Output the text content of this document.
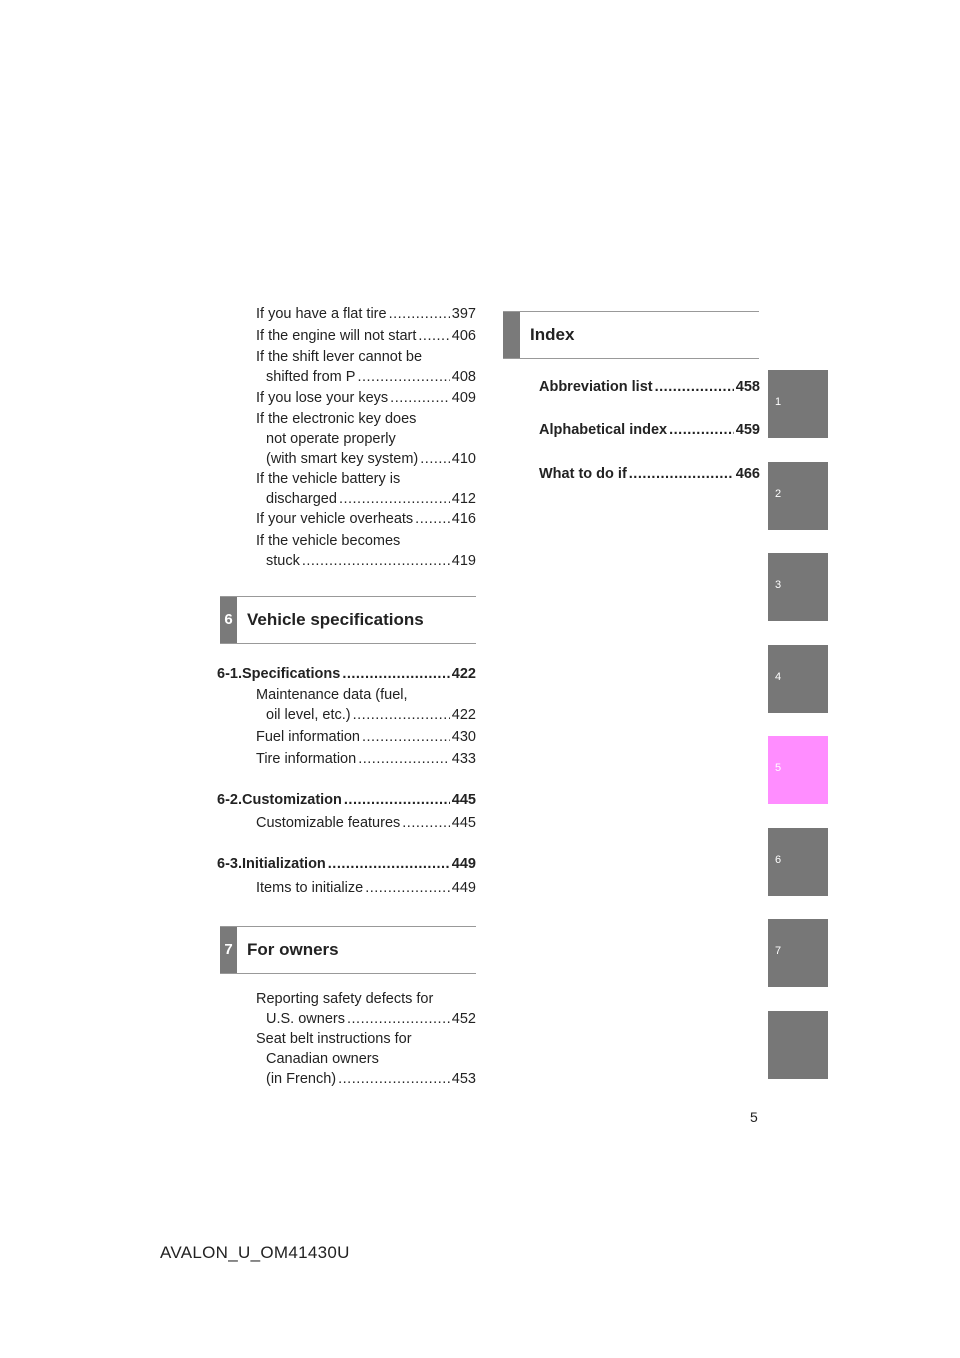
If you have a flat tire .....	397
If the engine will not start ..... 406
If the shift lever cannot be
shifted from P .....	408
If you lose your keys .....	409
If the electronic key does
not operate properly
(with smart key system) ..... 410
If the vehicle battery is
discharged .....	412
If your vehicle overheats .....	416
If the vehicle becomes
stuck .....	419
6 Vehicle specifications
6-1. Specifications .....	422
Maintenance data (fuel,
oil level, etc.) .....	422
Fuel information .....	430
Tire information .....	433
6-2. Customization .....	445
Customizable features .....	445
6-3. Initialization .....	449
Items to initialize .....	449
7 For owners
Reporting safety defects for
U.S. owners .....	452
Seat belt instructions for
Canadian owners
(in French) .....	453
Index
Abbreviation list .....	458
Alphabetical index .....	459
What to do if .....	466
1
2
3
4
5
6
7
5
AVALON_U_OM41430U
